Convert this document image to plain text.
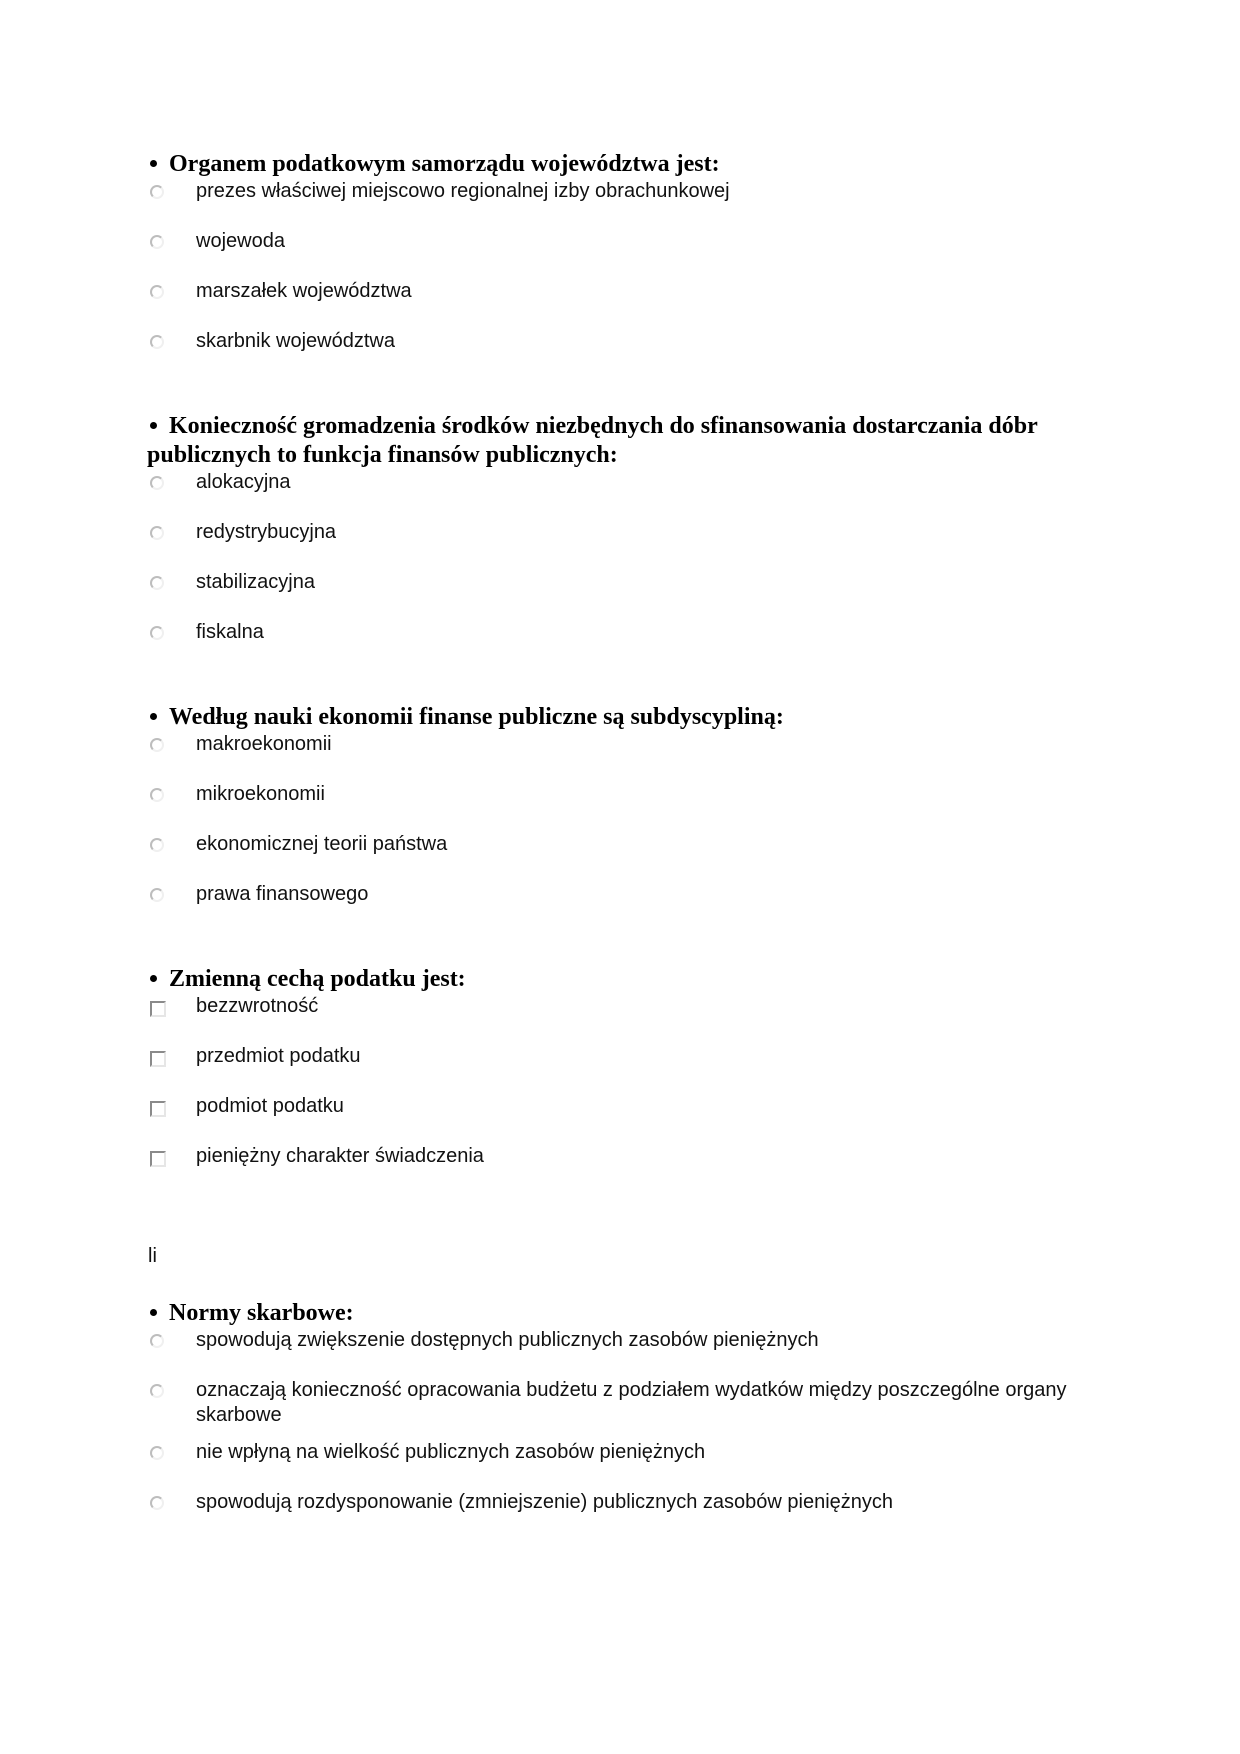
Organem podatkowym samorządu województwa jest:

prezes właściwej miejscowo regionalnej izby obrachunkowej
wojewoda
marszałek województwa
skarbnik województwa

Konieczność gromadzenia środków niezbędnych do sfinansowania dostarczania dóbr publicznych to funkcja finansów publicznych:

alokacyjna
redystrybucyjna
stabilizacyjna
fiskalna

Według nauki ekonomii finanse publiczne są subdyscypliną:

makroekonomii
mikroekonomii
ekonomicznej teorii państwa
prawa finansowego

Zmienną cechą podatku jest:

bezzwrotność
przedmiot podatku
podmiot podatku
pieniężny charakter świadczenia
li

Normy skarbowe:

spowodują zwiększenie dostępnych publicznych zasobów pieniężnych
oznaczają konieczność opracowania budżetu z podziałem wydatków między poszczególne organy skarbowe
nie wpłyną na wielkość publicznych zasobów pieniężnych
spowodują rozdysponowanie (zmniejszenie) publicznych zasobów pieniężnych
